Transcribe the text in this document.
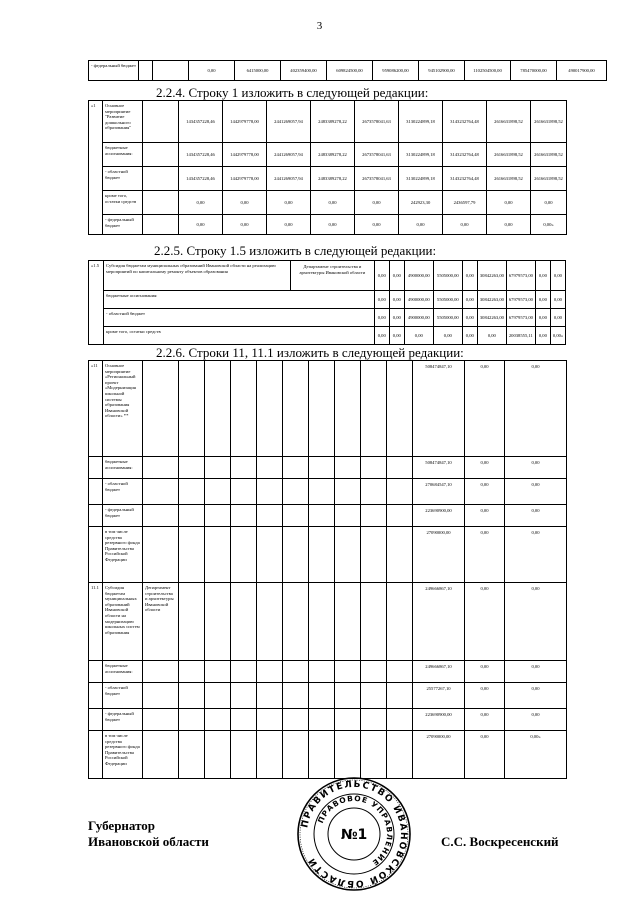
3
- федеральный бюджет			0,00	6415000,00	402359400,00	609824500,00	959086200,00	945102900,00	1102504500,00	785470000,00	490017900,00
2.2.4. Строку 1 изложить в следующей редакции:
«1	Основное мероприятие "Развитие дошкольного образования"		1434357228,46	1442979778,00	2441269057,94	2483389278,22	2673578041,63	3130224899,18	3143232764,48	2616631898,52	2616631898,52
	бюджетные ассигнования:		1434357228,46	1442979778,00	2441269057,94	2483389278,22	2673578041,63	3130224899,18	3143232764,48	2616631898,52	2616631898,52
	- областной бюджет		1434357228,46	1442979778,00	2441269057,94	2483389278,22	2673578041,63	3130224899,18	3143232764,48	2616631898,52	2616631898,52
	кроме того, остатки средств		0,00	0,00	0,00	0,00	0,00	242923,30	2436597,79	0,00	0,00
	- федеральный бюджет		0,00	0,00	0,00	0,00	0,00	0,00	0,00	0,00	0,00»
2.2.5. Строку 1.5 изложить в следующей редакции:
«1.5	Субсидия бюджетам муниципальных образований Ивановской области на реализацию мероприятий по капитальному ремонту объектов образования	Департамент строительства и архитектуры Ивановской области	0,00	0,00	4900000,00	5505000,00	0,00	30842263,00	67979573,00	0,00	0,00
	бюджетные ассигнования:		0,00	0,00	4900000,00	5505000,00	0,00	30842263,00	67979573,00	0,00	0,00
	- областной бюджет		0,00	0,00	4900000,00	5505000,00	0,00	30842263,00	67979573,00	0,00	0,00
	кроме того, остатки средств		0,00	0,00	0,00	0,00	0,00	0,00	20038555,11	0,00	0,00»
2.2.6. Строки 11, 11.1 изложить в следующей редакции:
«11	Основное мероприятие «Региональный проект «Модернизация школьной системы образования Ивановской области» **											508474847,10	0,00	0,00
	бюджетные ассигнования:											508474847,10	0,00	0,00
	- областной бюджет											270684547,10	0,00	0,00
	- федеральный бюджет											223690900,00	0,00	0,00
	в том числе средства резервного фонда Правительства Российской Федерации											27090000,00	0,00	0,00
11.1	Субсидия бюджетам муниципальных образований Ивановской области на модернизацию школьных систем образования	Департамент строительства и архитектуры Ивановской области										249666867,10	0,00	0,00
	бюджетные ассигнования:											249666867,10	0,00	0,00
	- областной бюджет											25577267,10	0,00	0,00
	- федеральный бюджет											223690900,00	0,00	0,00
	в том числе средства резервного фонда Правительства Российской Федерации											27090000,00	0,00	0,00»
Губернатор
Ивановской области	С.С. Воскресенский
ПРАВИТЕЛЬСТВО ИВАНОВСКОЙ ОБЛАСТИ
ПРАВОВОЕ УПРАВЛЕНИЕ
№1
